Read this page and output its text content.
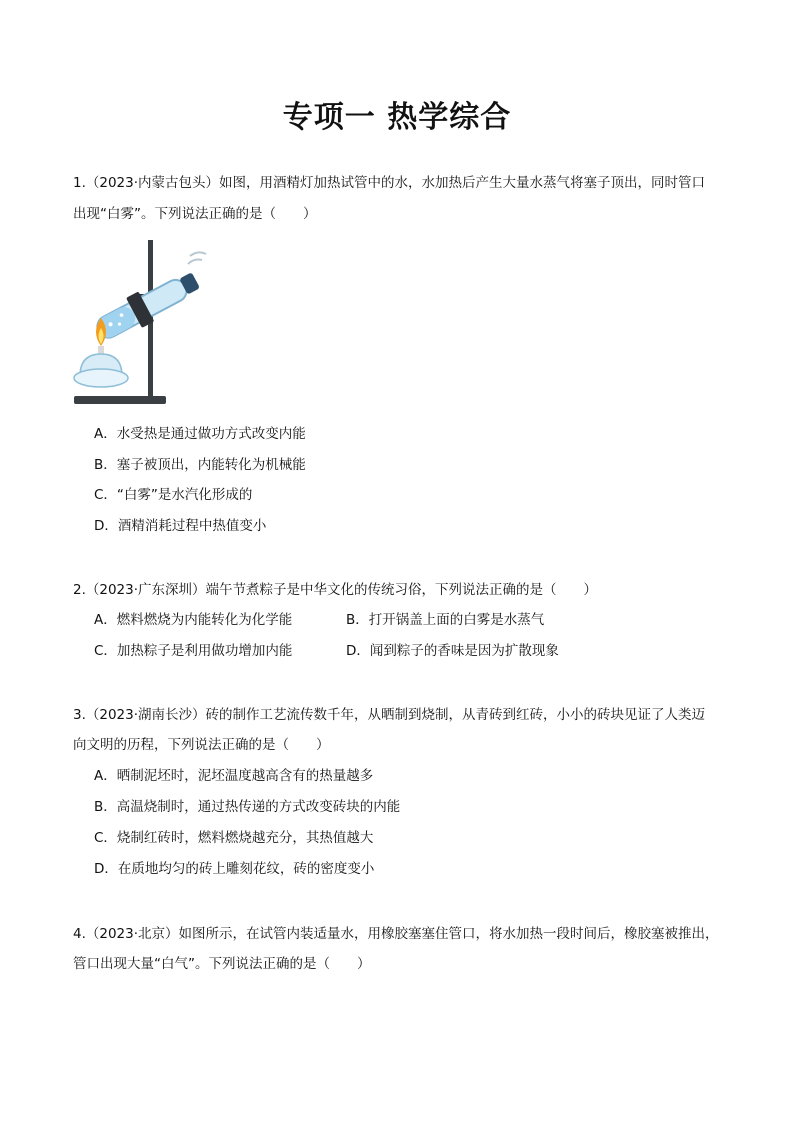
专项一 热学综合
1.（2023·内蒙古包头）如图，用酒精灯加热试管中的水，水加热后产生大量水蒸气将塞子顶出，同时管口
出现“白雾”。下列说法正确的是（　　）
A．水受热是通过做功方式改变内能
B．塞子被顶出，内能转化为机械能
C．“白雾”是水汽化形成的
D．酒精消耗过程中热值变小
2.（2023·广东深圳）端午节煮粽子是中华文化的传统习俗，下列说法正确的是（　　）
A．燃料燃烧为内能转化为化学能	B．打开锅盖上面的白雾是水蒸气
C．加热粽子是利用做功增加内能	D．闻到粽子的香味是因为扩散现象
3.（2023·湖南长沙）砖的制作工艺流传数千年，从晒制到烧制，从青砖到红砖，小小的砖块见证了人类迈
向文明的历程，下列说法正确的是（　　）
A．晒制泥坯时，泥坯温度越高含有的热量越多
B．高温烧制时，通过热传递的方式改变砖块的内能
C．烧制红砖时，燃料燃烧越充分，其热值越大
D．在质地均匀的砖上雕刻花纹，砖的密度变小
4.（2023·北京）如图所示，在试管内装适量水，用橡胶塞塞住管口，将水加热一段时间后，橡胶塞被推出，
管口出现大量“白气”。下列说法正确的是（　　）
